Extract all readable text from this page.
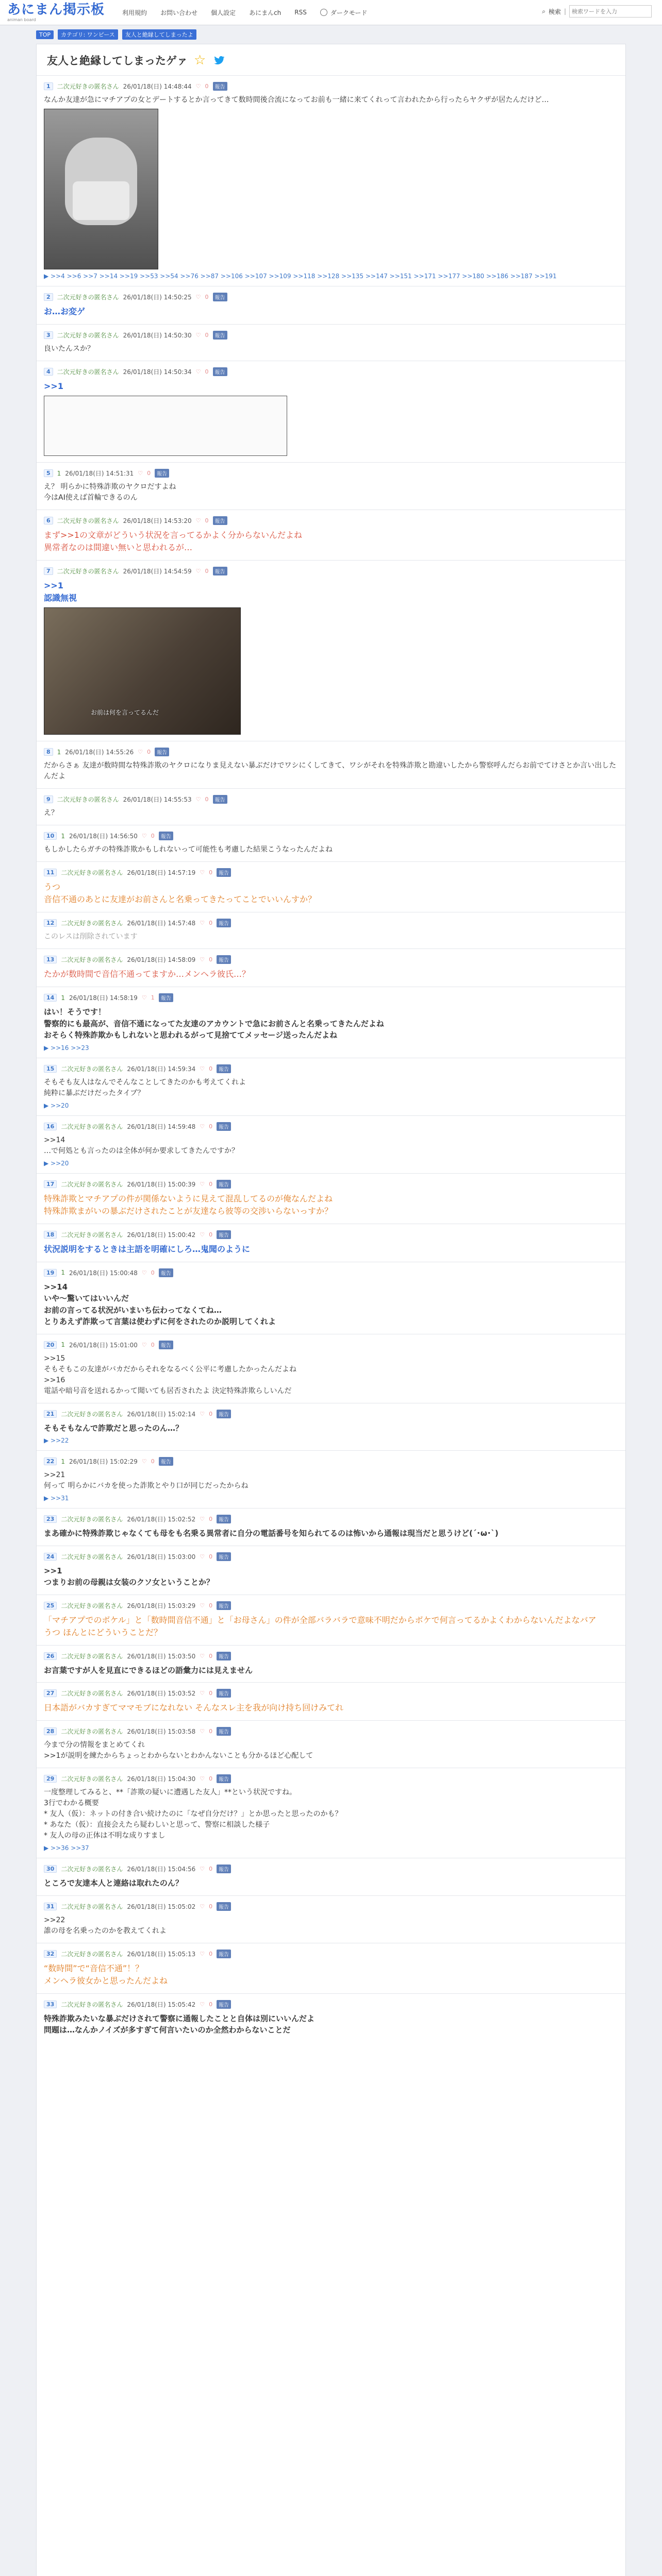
あにまん掲示板
animan board
利用規約 お問い合わせ 個人設定 あにまんch RSS	ダークモード	⌕ 検索 |
検索ワードを入力
TOP	カテゴリ: ワンピース	友人と絶縁してしまったよ
友人と絶縁してしまったゲァ ☆
1	二次元好きの匿名さん 26/01/18(日) 14:48:44 ♡ 0	報告
なんか友達が急にマチアプの女とデートするとか言ってきて数時間後合流になってお前も一緒に来てくれって言われたから行ったらヤクザが居たんだけど…
▶ >>4 >>6 >>7 >>14 >>19 >>53 >>54 >>76 >>87 >>106 >>107 >>109 >>118 >>128 >>135 >>147 >>151 >>171 >>177 >>180 >>186 >>187 >>191
2	二次元好きの匿名さん 26/01/18(日) 14:50:25 ♡ 0	報告
お…お変ゲ
3	二次元好きの匿名さん 26/01/18(日) 14:50:30 ♡ 0	報告
良いたんスか？
4	二次元好きの匿名さん 26/01/18(日) 14:50:34 ♡ 0	報告
>>1
5	1 26/01/18(日) 14:51:31 ♡ 0	報告
え？ 明らかに特殊詐欺のヤクロだすよね
今はAI使えば首輪できるのん
6	二次元好きの匿名さん 26/01/18(日) 14:53:20 ♡ 0	報告
まず>>1の文章がどういう状況を言ってるかよく分からないんだよね
異常者なのは間違い無いと思われるが…
7	二次元好きの匿名さん 26/01/18(日) 14:54:59 ♡ 0	報告
>>1
認識無視
お前は何を言ってるんだ
8	1 26/01/18(日) 14:55:26 ♡ 0	報告
だからさぁ 友達が数時間な特殊詐欺のヤクロになりま見えない暴ぶだけでワシにくしてきて、ワシがそれを特殊詐欺と勘違いしたから警察呼んだらお前でてけさとか言い出したんだよ
9	二次元好きの匿名さん 26/01/18(日) 14:55:53 ♡ 0	報告
え？
10	1 26/01/18(日) 14:56:50 ♡ 0	報告
もしかしたらガチの特殊詐欺かもしれないって可能性も考慮した結果こうなったんだよね
11	二次元好きの匿名さん 26/01/18(日) 14:57:19 ♡ 0	報告
うつ
音信不通のあとに友達がお前さんと名乗ってきたってことでいいんすか？
12	二次元好きの匿名さん 26/01/18(日) 14:57:48 ♡ 0	報告
このレスは削除されています
13	二次元好きの匿名さん 26/01/18(日) 14:58:09 ♡ 0	報告
たかが数時間で音信不通ってますか…メンヘラ彼氏…？
14	1 26/01/18(日) 14:58:19 ♡ 1	報告
はい！そうです！
警察的にも最高が、音信不通になってた友達のアカウントで急にお前さんと名乗ってきたんだよね
おそらく特殊詐欺かもしれないと思われるがって見捨ててメッセージ送ったんだよね
▶ >>16 >>23
15	二次元好きの匿名さん 26/01/18(日) 14:59:34 ♡ 0	報告
そもそも友人はなんでそんなことしてきたのかも考えてくれよ
純粋に暴ぶだけだったタイプ？
▶ >>20
16	二次元好きの匿名さん 26/01/18(日) 14:59:48 ♡ 0	報告
>>14
…で何処とも言ったのは全体が何か要求してきたんですか？
▶ >>20
17	二次元好きの匿名さん 26/01/18(日) 15:00:39 ♡ 0	報告
特殊詐欺とマチアプの件が関係ないように見えて混乱してるのが俺なんだよね
特殊詐欺まがいの暴ぶだけされたことが友達なら彼等の交渉いらないっすか？
18	二次元好きの匿名さん 26/01/18(日) 15:00:42 ♡ 0	報告
状況説明をするときは主語を明確にしろ…鬼聞のように
19	1 26/01/18(日) 15:00:48 ♡ 0	報告
>>14
いや～驚いてはいいんだ
お前の言ってる状況がいまいち伝わってなくてね…
とりあえず詐欺って言葉は使わずに何をされたのか説明してくれよ
20	1 26/01/18(日) 15:01:00 ♡ 0	報告
>>15
そもそもこの友達がバカだからそれをなるべく公平に考慮したかったんだよね
>>16
電話や暗号音を送れるかって聞いても居否されたよ 決定特殊詐欺らしいんだ
21	二次元好きの匿名さん 26/01/18(日) 15:02:14 ♡ 0	報告
そもそもなんで詐欺だと思ったのん…？
▶ >>22
22	1 26/01/18(日) 15:02:29 ♡ 0	報告
>>21
何って 明らかにバカを使った詐欺とやり口が同じだったからね
▶ >>31
23	二次元好きの匿名さん 26/01/18(日) 15:02:52 ♡ 0	報告
まあ確かに特殊詐欺じゃなくても母をも名乗る異常者に自分の電話番号を知られてるのは怖いから通報は現当だと思うけど(´･ω･`)
24	二次元好きの匿名さん 26/01/18(日) 15:03:00 ♡ 0	報告
>>1
つまりお前の母親は女装のクソ女ということか？
25	二次元好きの匿名さん 26/01/18(日) 15:03:29 ♡ 0	報告
「マチアプでのボケル」と「数時間音信不通」と「お母さん」の件が全部バラバラで意味不明だからボケで何言ってるかよくわからないんだよなバア
うつ ほんとにどういうことだ？
26	二次元好きの匿名さん 26/01/18(日) 15:03:50 ♡ 0	報告
お言葉ですが人を見直にできるほどの語彙力には見えません
27	二次元好きの匿名さん 26/01/18(日) 15:03:52 ♡ 0	報告
日本語がバカすぎてママモブになれない そんなスレ主を我が向け持ち回けみてれ
28	二次元好きの匿名さん 26/01/18(日) 15:03:58 ♡ 0	報告
今まで分の情報をまとめてくれ
>>1が説明を練たからちょっとわからないとわかんないことも分かるほど心配して
29	二次元好きの匿名さん 26/01/18(日) 15:04:30 ♡ 0	報告
一度整理してみると、**「詐欺の疑いに遭遇した友人」**という状況ですね。
3行でわかる概要
* 友人（仮）：ネットの付き合い続けたのに「なぜ自分だけ？」とか思ったと思ったのかも？
* あなた（仮）：直接会えたら疑わしいと思って、警察に相談した様子
* 友人の母の正体は不明な成りすまし
▶ >>36 >>37
30	二次元好きの匿名さん 26/01/18(日) 15:04:56 ♡ 0	報告
ところで友達本人と連絡は取れたのん？
31	二次元好きの匿名さん 26/01/18(日) 15:05:02 ♡ 0	報告
>>22
誰の母を名乗ったのかを教えてくれよ
32	二次元好きの匿名さん 26/01/18(日) 15:05:13 ♡ 0	報告
“数時間”で“音信不通”！？
メンヘラ彼女かと思ったんだよね
33	二次元好きの匿名さん 26/01/18(日) 15:05:42 ♡ 0	報告
特殊詐欺みたいな暴ぶだけされて警察に通報したことと自体は別にいいんだよ
問題は…なんかノイズが多すぎて何言いたいのか全然わからないことだ
